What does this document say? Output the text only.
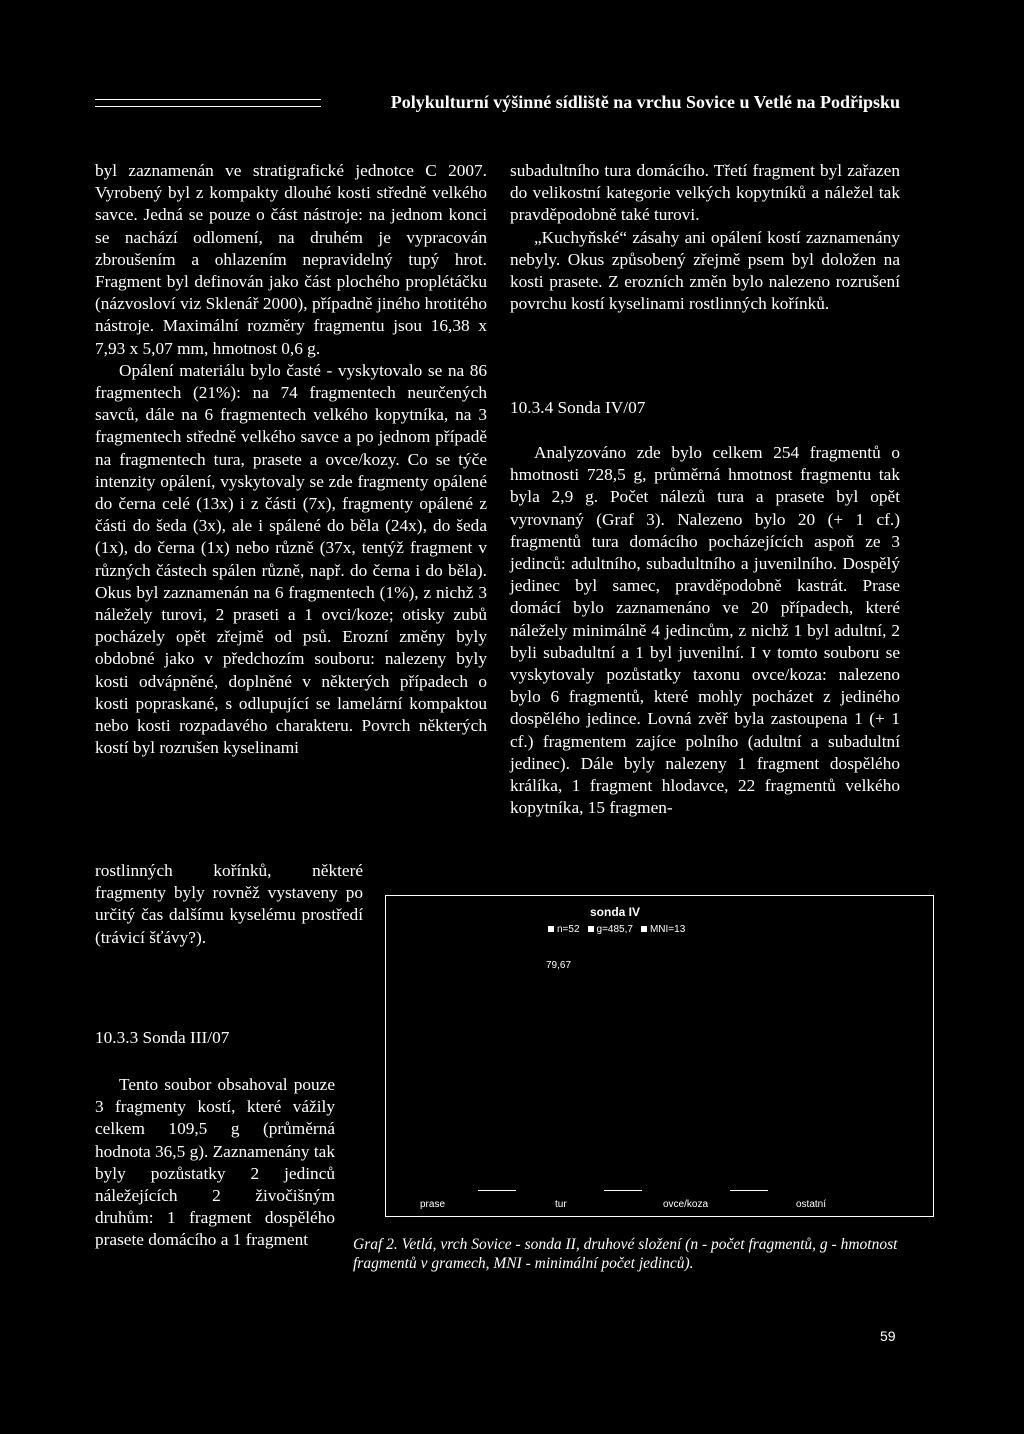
Polykulturní výšinné sídliště na vrchu Sovice u Vetlé na Podřipsku

byl zaznamenán ve stratigrafické jednotce C 2007. Vyrobený byl z kompakty dlouhé kosti středně velkého savce. Jedná se pouze o část nástroje: na jednom konci se nachází odlomení, na druhém je vypracován zbroušením a ohlazením nepravidelný tupý hrot. Fragment byl definován jako část plochého proplétáčku (názvosloví viz Sklenář 2000), případně jiného hrotitého nástroje. Maximální rozměry fragmentu jsou 16,38 x 7,93 x 5,07 mm, hmotnost 0,6 g.

Opálení materiálu bylo časté - vyskytovalo se na 86 fragmentech (21%): na 74 fragmentech neurčených savců, dále na 6 fragmentech velkého kopytníka, na 3 fragmentech středně velkého savce a po jednom případě na fragmentech tura, prasete a ovce/kozy. Co se týče intenzity opálení, vyskytovaly se zde fragmenty opálené do černa celé (13x) i z části (7x), fragmenty opálené z části do šeda (3x), ale i spálené do běla (24x), do šeda (1x), do černa (1x) nebo různě (37x, tentýž fragment v různých částech spálen různě, např. do černa i do běla). Okus byl zaznamenán na 6 fragmentech (1%), z nichž 3 náležely turovi, 2 praseti a 1 ovci/koze; otisky zubů pocházely opět zřejmě od psů. Erozní změny byly obdobné jako v předchozím souboru: nalezeny byly kosti odvápněné, doplněné v některých případech o kosti popraskané, s odlupující se lamelární kompaktou nebo kosti rozpadavého charakteru. Povrch některých kostí byl rozrušen kyselinami

rostlinných kořínků, některé fragmenty byly rovněž vystaveny po určitý čas dalšímu kyselému prostředí (trávicí šťávy?).

10.3.3 Sonda III/07

Tento soubor obsahoval pouze 3 fragmenty kostí, které vážily celkem 109,5 g (průměrná hodnota 36,5 g). Zaznamenány tak byly pozůstatky 2 jedinců náležejících 2 živočišným druhům: 1 fragment dospělého prasete domácího a 1 fragment

subadultního tura domácího. Třetí fragment byl zařazen do velikostní kategorie velkých kopytníků a náležel tak pravděpodobně také turovi.

„Kuchyňské“ zásahy ani opálení kostí zaznamenány nebyly. Okus způsobený zřejmě psem byl doložen na kosti prasete. Z erozních změn bylo nalezeno rozrušení povrchu kostí kyselinami rostlinných kořínků.

10.3.4 Sonda IV/07

Analyzováno zde bylo celkem 254 fragmentů o hmotnosti 728,5 g, průměrná hmotnost fragmentu tak byla 2,9 g. Počet nálezů tura a prasete byl opět vyrovnaný (Graf 3). Nalezeno bylo 20 (+ 1 cf.) fragmentů tura domácího pocházejících aspoň ze 3 jedinců: adultního, subadultního a juvenilního. Dospělý jedinec byl samec, pravděpodobně kastrát. Prase domácí bylo zaznamenáno ve 20 případech, které náležely minimálně 4 jedincům, z nichž 1 byl adultní, 2 byli subadultní a 1 byl juvenilní. I v tomto souboru se vyskytovaly pozůstatky taxonu ovce/koza: nalezeno bylo 6 fragmentů, které mohly pocházet z jediného dospělého jedince. Lovná zvěř byla zastoupena 1 (+ 1 cf.) fragmentem zajíce polního (adultní a subadultní jedinec). Dále byly nalezeny 1 fragment dospělého králíka, 1 fragment hlodavce, 22 fragmentů velkého kopytníka, 15 fragmen-

sonda IV
n=52	g=485,7	MNI=13
79,67
prase	tur	ovce/koza	ostatní
Graf 2. Vetlá, vrch Sovice - sonda II, druhové složení (n - počet fragmentů, g - hmotnost fragmentů v gramech, MNI - minimální počet jedinců).
59
